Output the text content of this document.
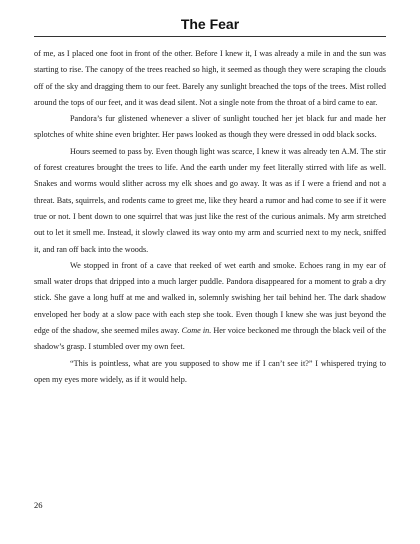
The Fear

of me, as I placed one foot in front of the other. Before I knew it, I was already a mile in and the sun was starting to rise. The canopy of the trees reached so high, it seemed as though they were scraping the clouds off of the sky and dragging them to our feet. Barely any sunlight breached the tops of the trees. Mist rolled around the tops of our feet, and it was dead silent. Not a single note from the throat of a bird came to ear.

Pandora’s fur glistened whenever a sliver of sunlight touched her jet black fur and made her splotches of white shine even brighter. Her paws looked as though they were dressed in odd black socks.

Hours seemed to pass by. Even though light was scarce, I knew it was already ten A.M. The stir of forest creatures brought the trees to life. And the earth under my feet literally stirred with life as well. Snakes and worms would slither across my elk shoes and go away. It was as if I were a friend and not a threat. Bats, squirrels, and rodents came to greet me, like they heard a rumor and had come to see if it were true or not. I bent down to one squirrel that was just like the rest of the curious animals. My arm stretched out to let it smell me. Instead, it slowly clawed its way onto my arm and scurried next to my neck, sniffed it, and ran off back into the woods.

We stopped in front of a cave that reeked of wet earth and smoke. Echoes rang in my ear of small water drops that dripped into a much larger puddle. Pandora disappeared for a moment to grab a dry stick. She gave a long huff at me and walked in, solemnly swishing her tail behind her. The dark shadow enveloped her body at a slow pace with each step she took. Even though I knew she was just beyond the edge of the shadow, she seemed miles away. Come in. Her voice beckoned me through the black veil of the shadow’s grasp. I stumbled over my own feet.

“This is pointless, what are you supposed to show me if I can’t see it?” I whispered trying to open my eyes more widely, as if it would help.

26
